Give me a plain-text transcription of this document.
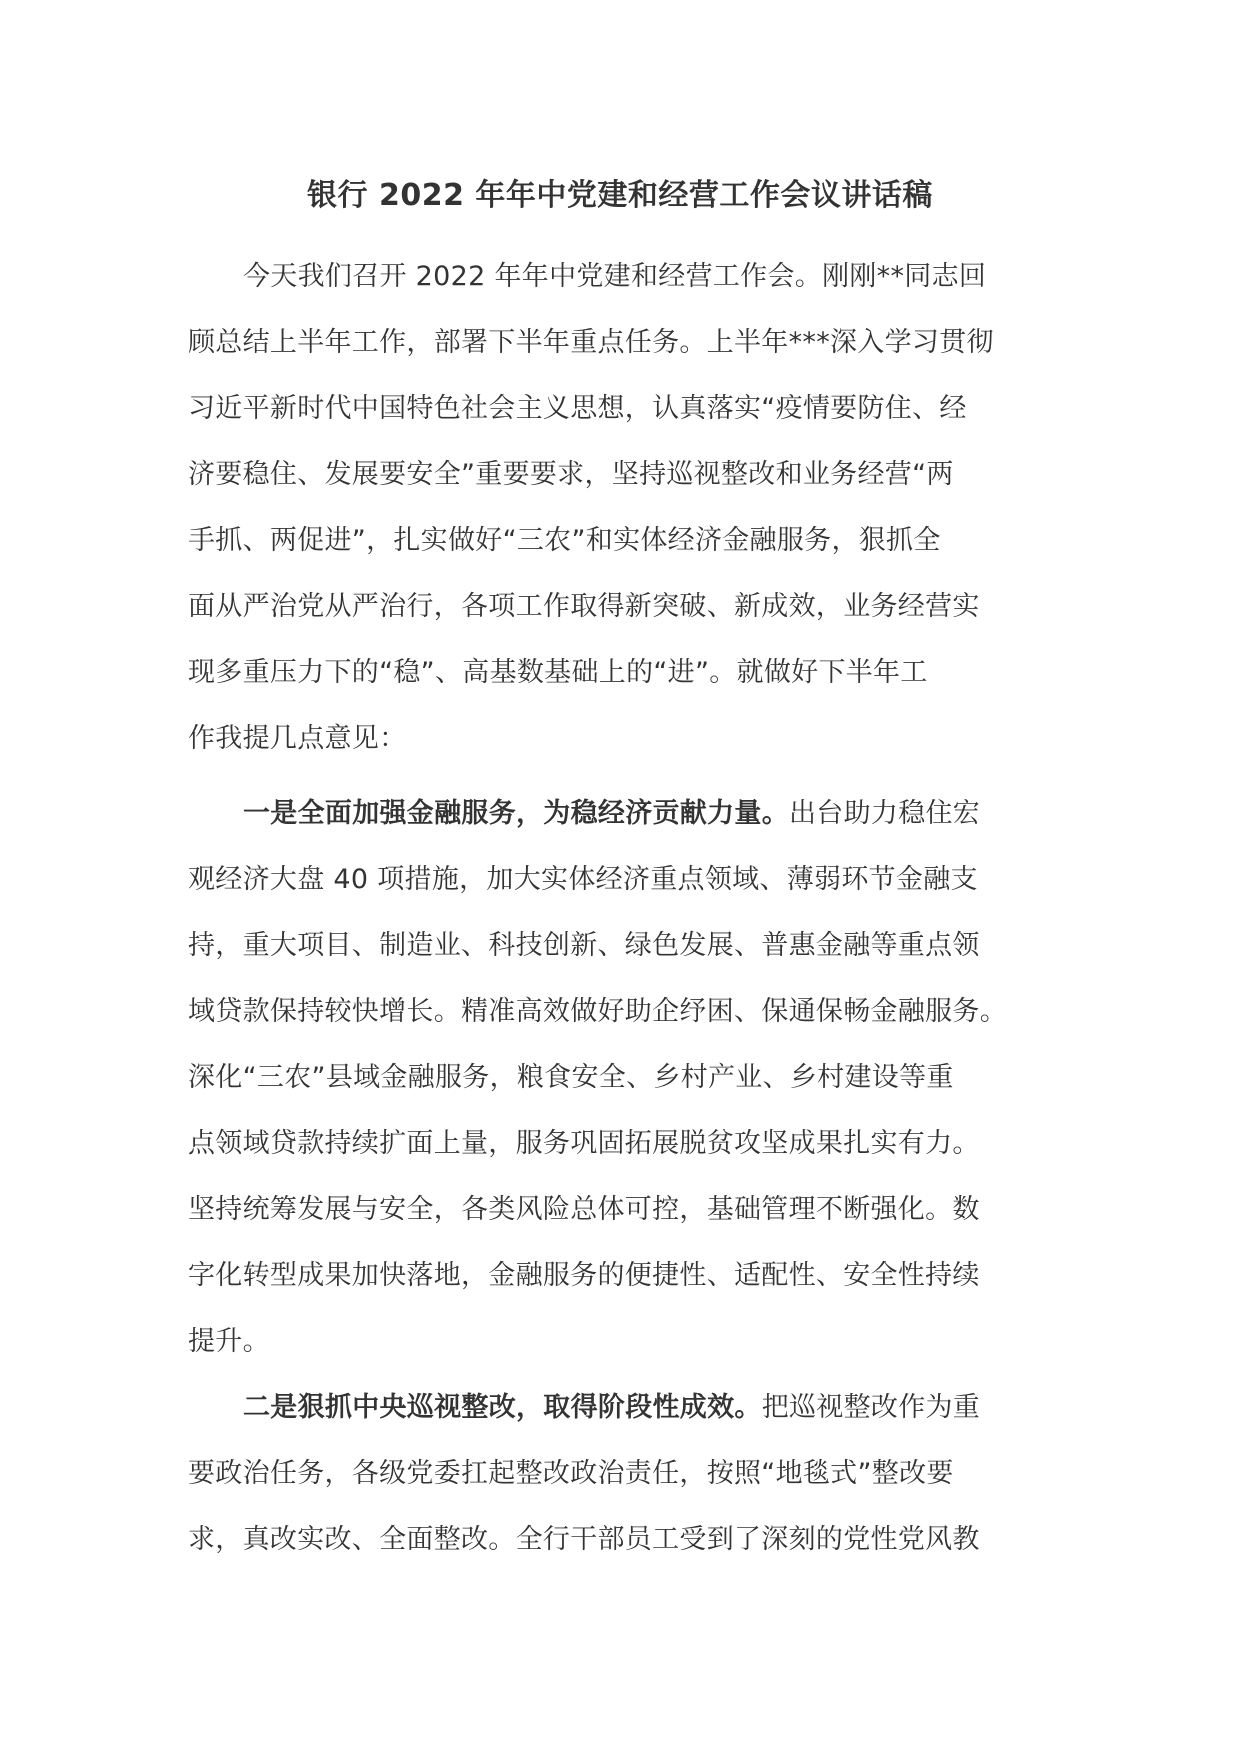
银行 2022 年年中党建和经营工作会议讲话稿
今天我们召开 2022 年年中党建和经营工作会。刚刚**同志回
顾总结上半年工作，部署下半年重点任务。上半年***深入学习贯彻
习近平新时代中国特色社会主义思想，认真落实“疫情要防住、经
济要稳住、发展要安全”重要要求，坚持巡视整改和业务经营“两
手抓、两促进”，扎实做好“三农”和实体经济金融服务，狠抓全
面从严治党从严治行，各项工作取得新突破、新成效，业务经营实
现多重压力下的“稳”、高基数基础上的“进”。就做好下半年工
作我提几点意见：
一是全面加强金融服务，为稳经济贡献力量。出台助力稳住宏
观经济大盘 40 项措施，加大实体经济重点领域、薄弱环节金融支
持，重大项目、制造业、科技创新、绿色发展、普惠金融等重点领
域贷款保持较快增长。精准高效做好助企纾困、保通保畅金融服务。
深化“三农”县域金融服务，粮食安全、乡村产业、乡村建设等重
点领域贷款持续扩面上量，服务巩固拓展脱贫攻坚成果扎实有力。
坚持统筹发展与安全，各类风险总体可控，基础管理不断强化。数
字化转型成果加快落地，金融服务的便捷性、适配性、安全性持续
提升。
二是狠抓中央巡视整改，取得阶段性成效。把巡视整改作为重
要政治任务，各级党委扛起整改政治责任，按照“地毯式”整改要
求，真改实改、全面整改。全行干部员工受到了深刻的党性党风教
